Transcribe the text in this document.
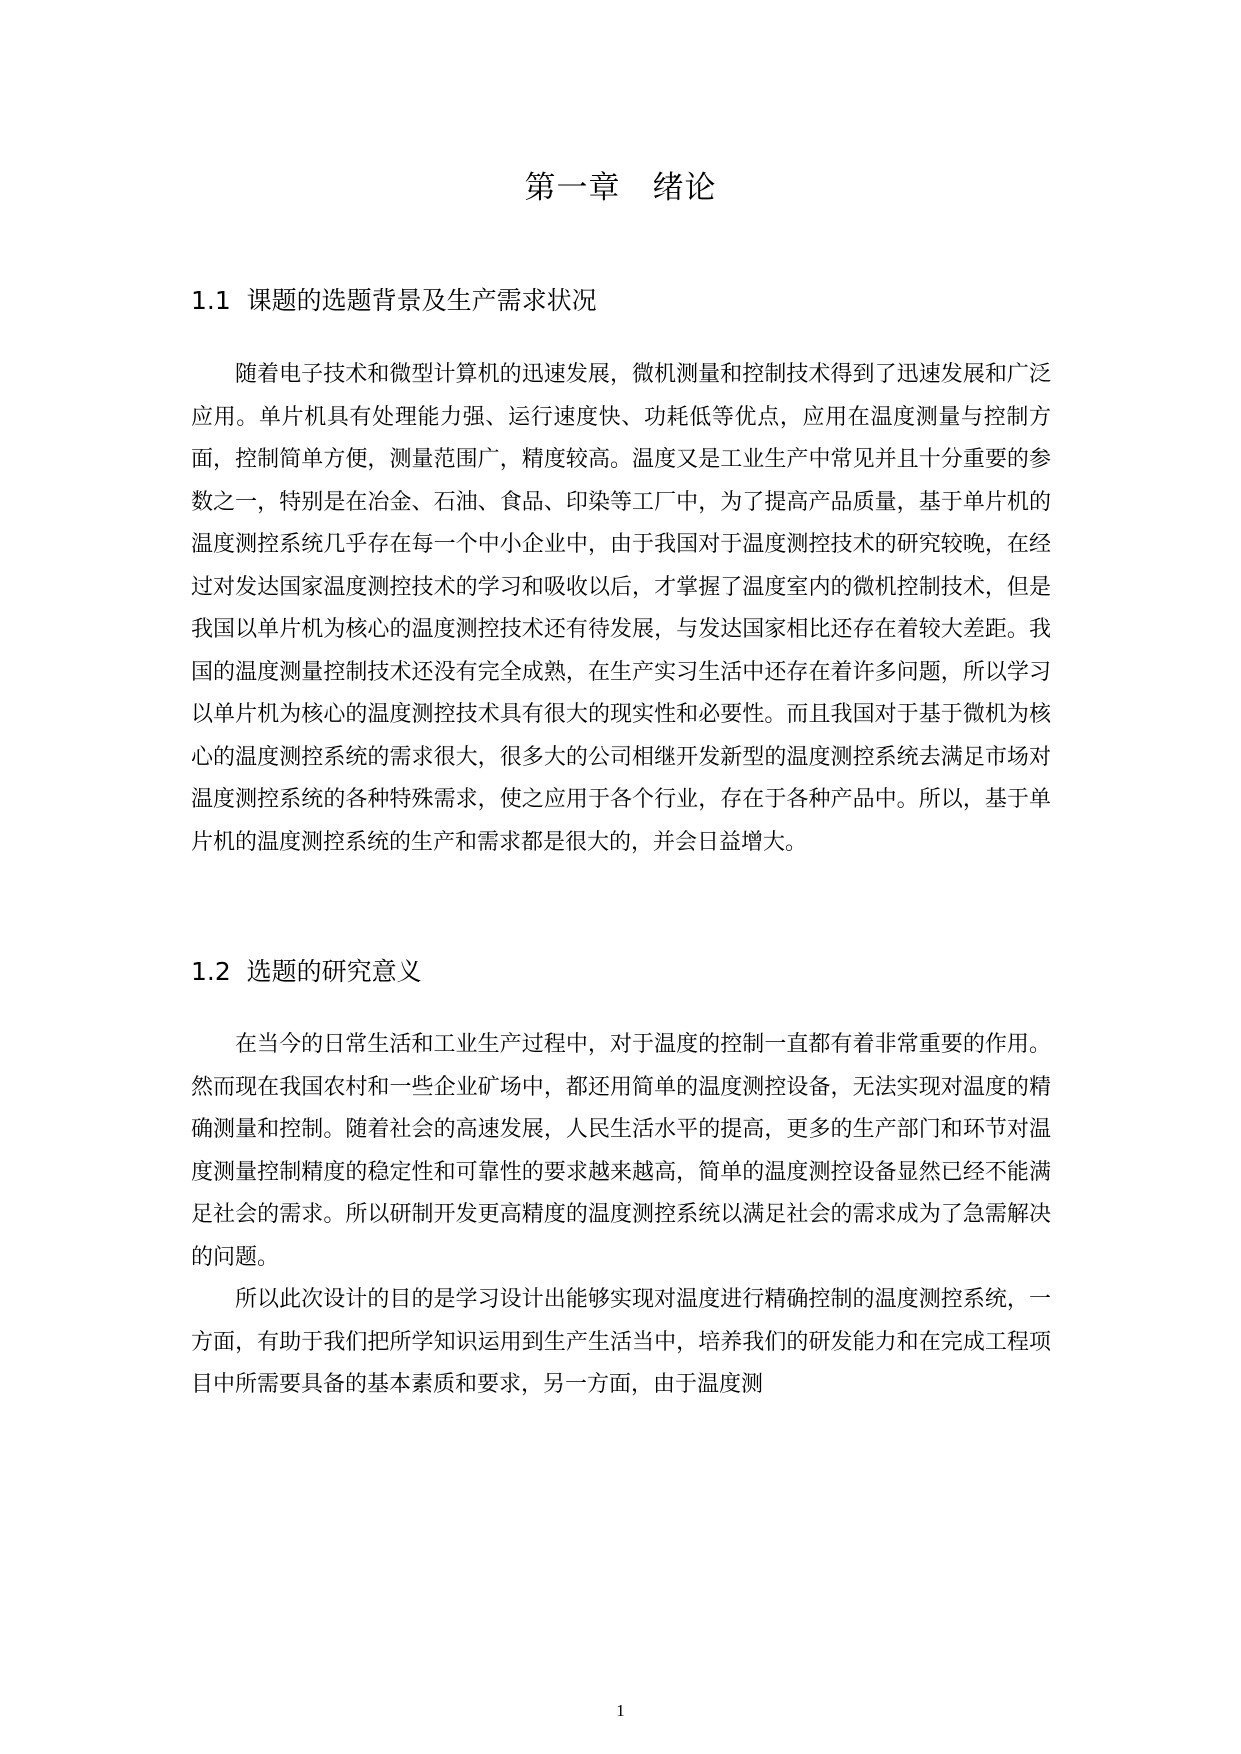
第一章　绪论
1.1  课题的选题背景及生产需求状况

随着电子技术和微型计算机的迅速发展，微机测量和控制技术得到了迅速发展和广泛应用。单片机具有处理能力强、运行速度快、功耗低等优点，应用在温度测量与控制方面，控制简单方便，测量范围广，精度较高。温度又是工业生产中常见并且十分重要的参数之一，特别是在冶金、石油、食品、印染等工厂中，为了提高产品质量，基于单片机的温度测控系统几乎存在每一个中小企业中，由于我国对于温度测控技术的研究较晚，在经过对发达国家温度测控技术的学习和吸收以后，才掌握了温度室内的微机控制技术，但是我国以单片机为核心的温度测控技术还有待发展，与发达国家相比还存在着较大差距。我国的温度测量控制技术还没有完全成熟，在生产实习生活中还存在着许多问题，所以学习以单片机为核心的温度测控技术具有很大的现实性和必要性。而且我国对于基于微机为核心的温度测控系统的需求很大，很多大的公司相继开发新型的温度测控系统去满足市场对温度测控系统的各种特殊需求，使之应用于各个行业，存在于各种产品中。所以，基于单片机的温度测控系统的生产和需求都是很大的，并会日益增大。

1.2  选题的研究意义

在当今的日常生活和工业生产过程中，对于温度的控制一直都有着非常重要的作用。然而现在我国农村和一些企业矿场中，都还用简单的温度测控设备，无法实现对温度的精确测量和控制。随着社会的高速发展，人民生活水平的提高，更多的生产部门和环节对温度测量控制精度的稳定性和可靠性的要求越来越高，简单的温度测控设备显然已经不能满足社会的需求。所以研制开发更高精度的温度测控系统以满足社会的需求成为了急需解决的问题。

所以此次设计的目的是学习设计出能够实现对温度进行精确控制的温度测控系统，一方面，有助于我们把所学知识运用到生产生活当中，培养我们的研发能力和在完成工程项目中所需要具备的基本素质和要求，另一方面，由于温度测

1
